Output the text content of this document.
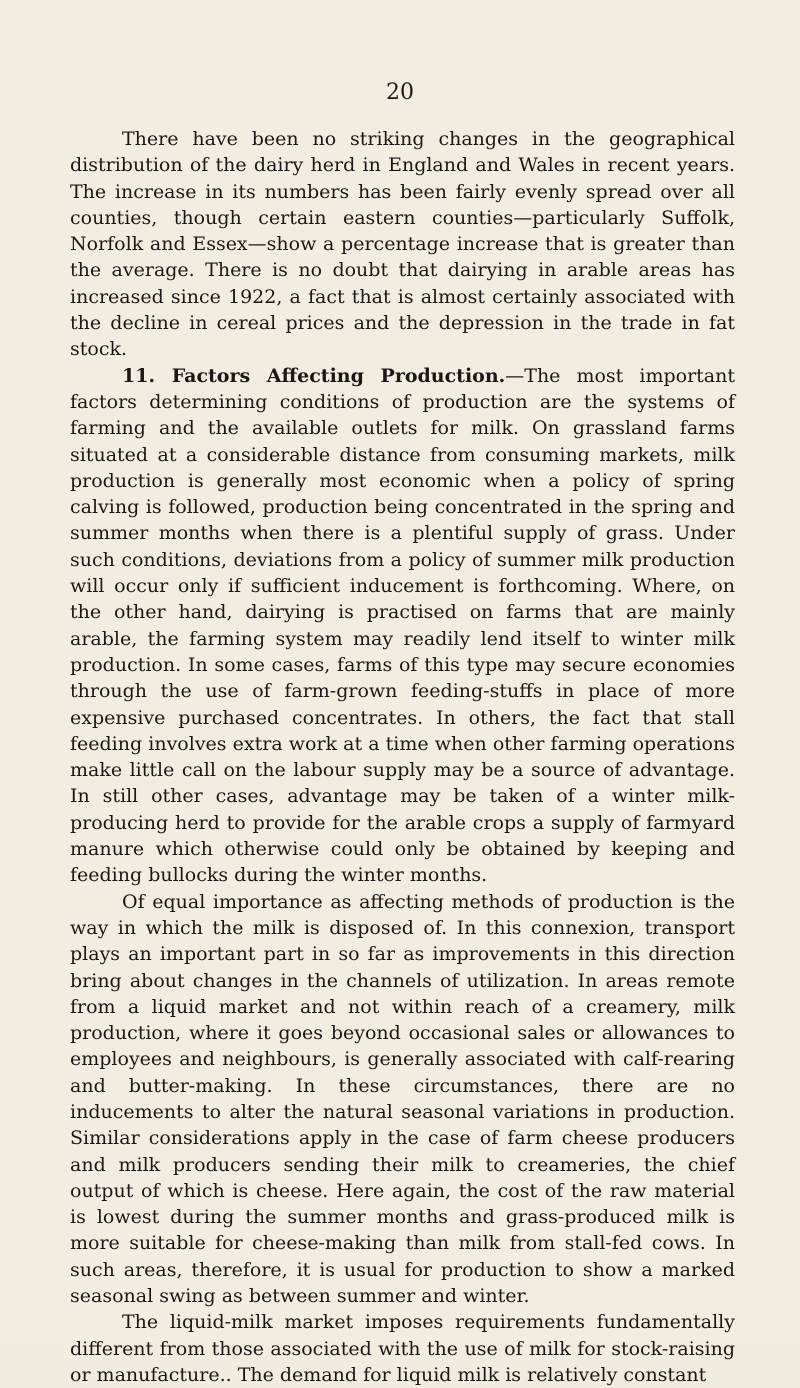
20

There have been no striking changes in the geographical distribution of the dairy herd in England and Wales in recent years. The increase in its numbers has been fairly evenly spread over all counties, though certain eastern counties—particularly Suffolk, Norfolk and Essex—show a percentage increase that is greater than the average. There is no doubt that dairying in arable areas has increased since 1922, a fact that is almost certainly associated with the decline in cereal prices and the depression in the trade in fat stock.

11. Factors Affecting Production.—The most important factors determining conditions of production are the systems of farming and the available outlets for milk. On grassland farms situated at a considerable distance from consuming markets, milk production is generally most economic when a policy of spring calving is followed, production being concentrated in the spring and summer months when there is a plentiful supply of grass. Under such conditions, deviations from a policy of summer milk production will occur only if sufficient inducement is forthcoming. Where, on the other hand, dairying is practised on farms that are mainly arable, the farming system may readily lend itself to winter milk production. In some cases, farms of this type may secure economies through the use of farm-grown feeding-stuffs in place of more expensive purchased concentrates. In others, the fact that stall feeding involves extra work at a time when other farming operations make little call on the labour supply may be a source of advantage. In still other cases, advantage may be taken of a winter milk-producing herd to provide for the arable crops a supply of farmyard manure which otherwise could only be obtained by keeping and feeding bullocks during the winter months.

Of equal importance as affecting methods of production is the way in which the milk is disposed of. In this connexion, transport plays an important part in so far as improvements in this direction bring about changes in the channels of utilization. In areas remote from a liquid market and not within reach of a creamery, milk production, where it goes beyond occasional sales or allowances to employees and neighbours, is generally associated with calf-rearing and butter-making. In these circumstances, there are no inducements to alter the natural seasonal variations in production. Similar considerations apply in the case of farm cheese producers and milk producers sending their milk to creameries, the chief output of which is cheese. Here again, the cost of the raw material is lowest during the summer months and grass-produced milk is more suitable for cheese-making than milk from stall-fed cows. In such areas, therefore, it is usual for production to show a marked seasonal swing as between summer and winter.

The liquid-milk market imposes requirements fundamentally different from those associated with the use of milk for stock-raising or manufacture.. The demand for liquid milk is relatively constant
